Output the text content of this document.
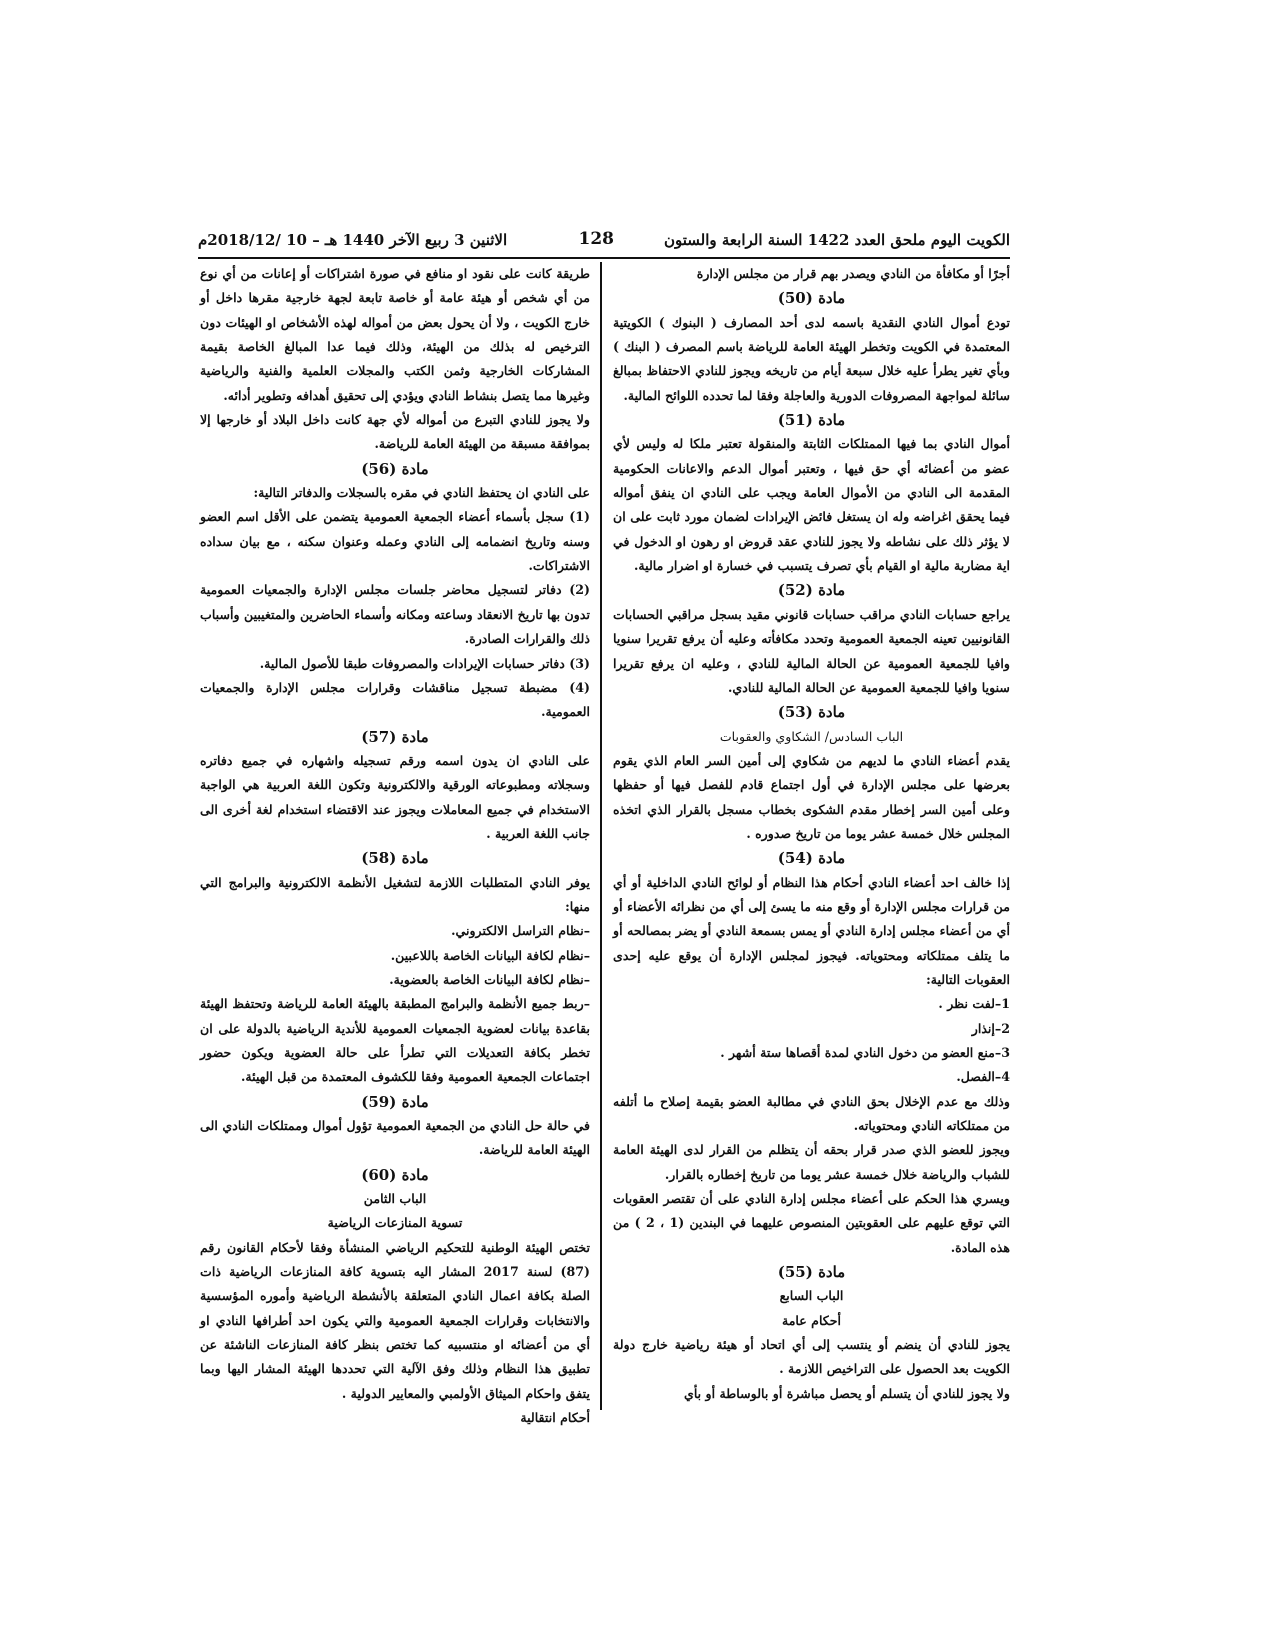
الكويت اليوم ملحق العدد 1422 السنة الرابعة والستون
128
الاثنين 3 ربيع الآخر 1440 هـ – 10 /2018/12م

أجرًا أو مكافأة من النادي ويصدر بهم قرار من مجلس الإدارة

مادة (50)

تودع أموال النادي النقدية باسمه لدى أحد المصارف ( البنوك ) الكويتية المعتمدة في الكويت وتخطر الهيئة العامة للرياضة باسم المصرف ( البنك ) وبأي تغير يطرأ عليه خلال سبعة أيام من تاريخه ويجوز للنادي الاحتفاظ بمبالغ سائلة لمواجهة المصروفات الدورية والعاجلة وفقا لما تحدده اللوائح المالية.

مادة (51)

أموال النادي بما فيها الممتلكات الثابتة والمنقولة تعتبر ملكا له وليس لأي عضو من أعضائه أي حق فيها ، وتعتبر أموال الدعم والاعانات الحكومية المقدمة الى النادي من الأموال العامة ويجب على النادي ان ينفق أمواله فيما يحقق اغراضه وله ان يستغل فائض الإيرادات لضمان مورد ثابت على ان لا يؤثر ذلك على نشاطه ولا يجوز للنادي عقد قروض او رهون او الدخول في اية مضاربة مالية او القيام بأي تصرف يتسبب في خسارة او اضرار مالية.

مادة (52)

يراجع حسابات النادي مراقب حسابات قانوني مقيد بسجل مراقبي الحسابات القانونيين تعينه الجمعية العمومية وتحدد مكافأته وعليه أن يرفع تقريرا سنويا وافيا للجمعية العمومية عن الحالة المالية للنادي ، وعليه ان يرفع تقريرا سنويا وافيا للجمعية العمومية عن الحالة المالية للنادي.

مادة (53)

الباب السادس/ الشكاوي والعقوبات

يقدم أعضاء النادي ما لديهم من شكاوي إلى أمين السر العام الذي يقوم بعرضها على مجلس الإدارة في أول اجتماع قادم للفصل فيها أو حفظها وعلى أمين السر إخطار مقدم الشكوى بخطاب مسجل بالقرار الذي اتخذه المجلس خلال خمسة عشر يوما من تاريخ صدوره .

مادة (54)

إذا خالف احد أعضاء النادي أحكام هذا النظام أو لوائح النادي الداخلية أو أي من قرارات مجلس الإدارة أو وقع منه ما يسئ إلى أي من نظرائه الأعضاء أو أي من أعضاء مجلس إدارة النادي أو يمس بسمعة النادي أو يضر بمصالحه أو ما يتلف ممتلكاته ومحتوياته. فيجوز لمجلس الإدارة أن يوقع عليه إحدى العقوبات التالية:

1–لفت نظر .

2–إنذار

3–منع العضو من دخول النادي لمدة أقصاها ستة أشهر .

4–الفصل.

وذلك مع عدم الإخلال بحق النادي في مطالبة العضو بقيمة إصلاح ما أتلفه من ممتلكاته النادي ومحتوياته.

ويجوز للعضو الذي صدر قرار بحقه أن يتظلم من القرار لدى الهيئة العامة للشباب والرياضة خلال خمسة عشر يوما من تاريخ إخطاره بالقرار.

ويسري هذا الحكم على أعضاء مجلس إدارة النادي على أن تقتصر العقوبات التي توقع عليهم على العقوبتين المنصوص عليهما في البندين (1 ، 2 ) من هذه المادة.

مادة (55)

الباب السابع

أحكام عامة

يجوز للنادي أن ينضم أو ينتسب إلى أي اتحاد أو هيئة رياضية خارج دولة الكويت بعد الحصول على التراخيص اللازمة .

ولا يجوز للنادي أن يتسلم أو يحصل مباشرة أو بالوساطة أو بأي

طريقة كانت على نقود او منافع في صورة اشتراكات أو إعانات من أي نوع من أي شخص أو هيئة عامة أو خاصة تابعة لجهة خارجية مقرها داخل أو خارج الكويت ، ولا أن يحول بعض من أمواله لهذه الأشخاص او الهيئات دون الترخيص له بذلك من الهيئة، وذلك فيما عدا المبالغ الخاصة بقيمة المشاركات الخارجية وثمن الكتب والمجلات العلمية والفنية والرياضية وغيرها مما يتصل بنشاط النادي ويؤدي إلى تحقيق أهدافه وتطوير أدائه.

ولا يجوز للنادي التبرع من أمواله لأي جهة كانت داخل البلاد أو خارجها إلا بموافقة مسبقة من الهيئة العامة للرياضة.

مادة (56)

على النادي ان يحتفظ النادي في مقره بالسجلات والدفاتر التالية:

(1) سجل بأسماء أعضاء الجمعية العمومية يتضمن على الأقل اسم العضو وسنه وتاريخ انضمامه إلى النادي وعمله وعنوان سكنه ، مع بيان سداده الاشتراكات.

(2) دفاتر لتسجيل محاضر جلسات مجلس الإدارة والجمعيات العمومية تدون بها تاريخ الانعقاد وساعته ومكانه وأسماء الحاضرين والمتغيبين وأسباب ذلك والقرارات الصادرة.

(3) دفاتر حسابات الإيرادات والمصروفات طبقا للأصول المالية.

(4) مضبطة تسجيل مناقشات وقرارات مجلس الإدارة والجمعيات العمومية.

مادة (57)

على النادي ان يدون اسمه ورقم تسجيله واشهاره في جميع دفاتره وسجلاته ومطبوعاته الورقية والالكترونية وتكون اللغة العربية هي الواجبة الاستخدام في جميع المعاملات ويجوز عند الاقتضاء استخدام لغة أخرى الى جانب اللغة العربية .

مادة (58)

يوفر النادي المتطلبات اللازمة لتشغيل الأنظمة الالكترونية والبرامج التي منها:

–نظام التراسل الالكتروني.

–نظام لكافة البيانات الخاصة باللاعبين.

–نظام لكافة البيانات الخاصة بالعضوية.

–ربط جميع الأنظمة والبرامج المطبقة بالهيئة العامة للرياضة وتحتفظ الهيئة بقاعدة بيانات لعضوية الجمعيات العمومية للأندية الرياضية بالدولة على ان تخطر بكافة التعديلات التي تطرأ على حالة العضوية ويكون حضور اجتماعات الجمعية العمومية وفقا للكشوف المعتمدة من قبل الهيئة.

مادة (59)

في حالة حل النادي من الجمعية العمومية تؤول أموال وممتلكات النادي الى الهيئة العامة للرياضة.

مادة (60)

الباب الثامن

تسوية المنازعات الرياضية

تختص الهيئة الوطنية للتحكيم الرياضي المنشأة وفقا لأحكام القانون رقم (87) لسنة 2017 المشار اليه بتسوية كافة المنازعات الرياضية ذات الصلة بكافة اعمال النادي المتعلقة بالأنشطة الرياضية وأموره المؤسسية والانتخابات وقرارات الجمعية العمومية والتي يكون احد أطرافها النادي او أي من أعضائه او منتسبيه كما تختص بنظر كافة المنازعات الناشئة عن تطبيق هذا النظام وذلك وفق الآلية التي تحددها الهيئة المشار اليها وبما يتفق واحكام الميثاق الأولمبي والمعايير الدولية .

أحكام انتقالية
